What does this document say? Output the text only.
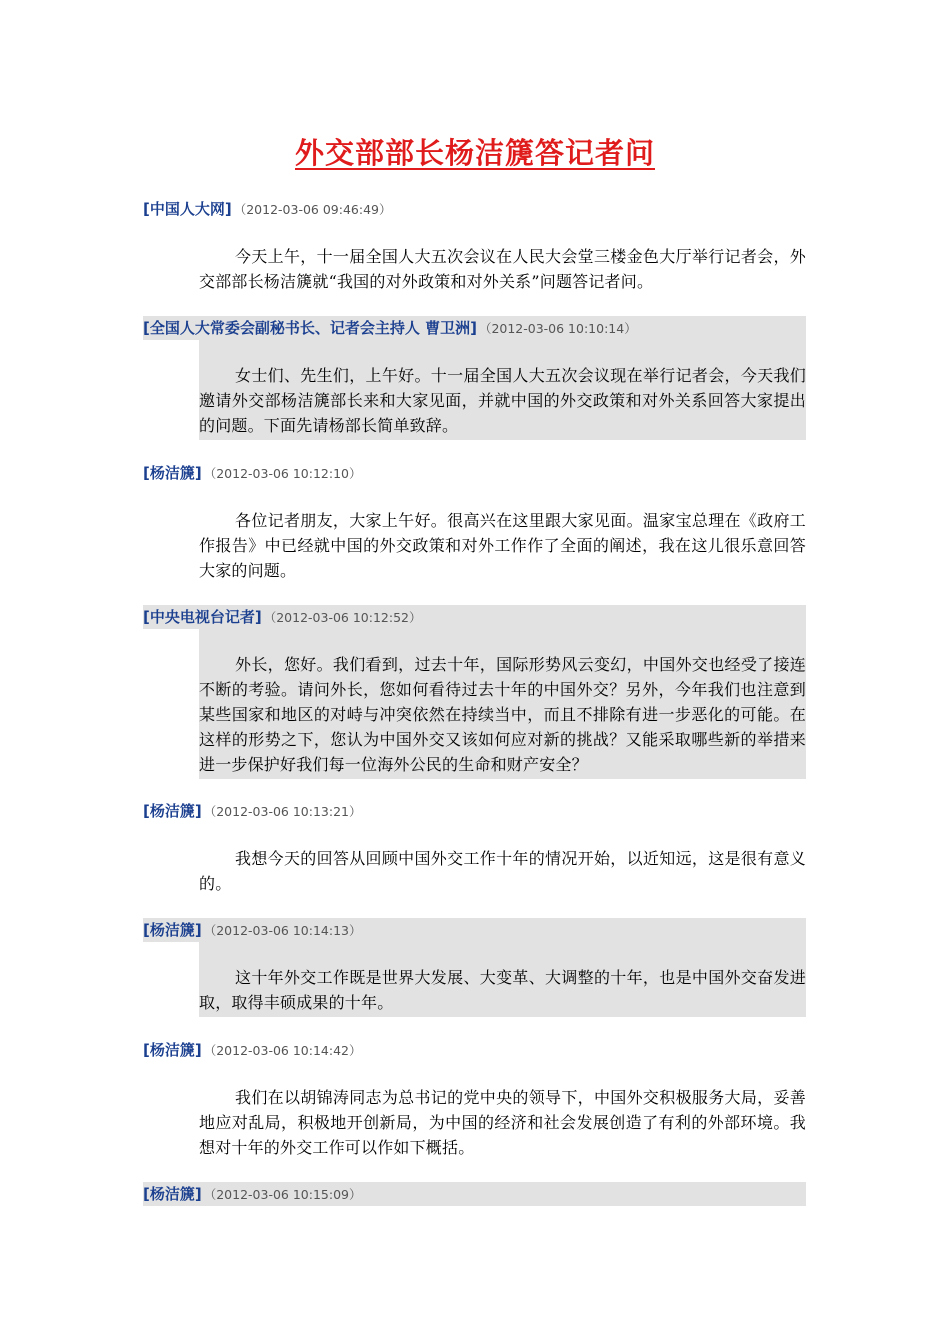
外交部部长杨洁篪答记者问
[中国人大网] （2012-03-06 09:46:49）
今天上午，十一届全国人大五次会议在人民大会堂三楼金色大厅举行记者会，外交部部长杨洁篪就“我国的对外政策和对外关系”问题答记者问。
[全国人大常委会副秘书长、记者会主持人 曹卫洲] （2012-03-06 10:10:14）
女士们、先生们，上午好。十一届全国人大五次会议现在举行记者会，今天我们邀请外交部杨洁篪部长来和大家见面，并就中国的外交政策和对外关系回答大家提出的问题。下面先请杨部长简单致辞。
[杨洁篪] （2012-03-06 10:12:10）
各位记者朋友，大家上午好。很高兴在这里跟大家见面。温家宝总理在《政府工作报告》中已经就中国的外交政策和对外工作作了全面的阐述，我在这儿很乐意回答大家的问题。
[中央电视台记者] （2012-03-06 10:12:52）
外长，您好。我们看到，过去十年，国际形势风云变幻，中国外交也经受了接连不断的考验。请问外长，您如何看待过去十年的中国外交？另外，今年我们也注意到某些国家和地区的对峙与冲突依然在持续当中，而且不排除有进一步恶化的可能。在这样的形势之下，您认为中国外交又该如何应对新的挑战？又能采取哪些新的举措来进一步保护好我们每一位海外公民的生命和财产安全？
[杨洁篪] （2012-03-06 10:13:21）
我想今天的回答从回顾中国外交工作十年的情况开始，以近知远，这是很有意义的。
[杨洁篪] （2012-03-06 10:14:13）
这十年外交工作既是世界大发展、大变革、大调整的十年，也是中国外交奋发进取，取得丰硕成果的十年。
[杨洁篪] （2012-03-06 10:14:42）
我们在以胡锦涛同志为总书记的党中央的领导下，中国外交积极服务大局，妥善地应对乱局，积极地开创新局，为中国的经济和社会发展创造了有利的外部环境。我想对十年的外交工作可以作如下概括。
[杨洁篪] （2012-03-06 10:15:09）
